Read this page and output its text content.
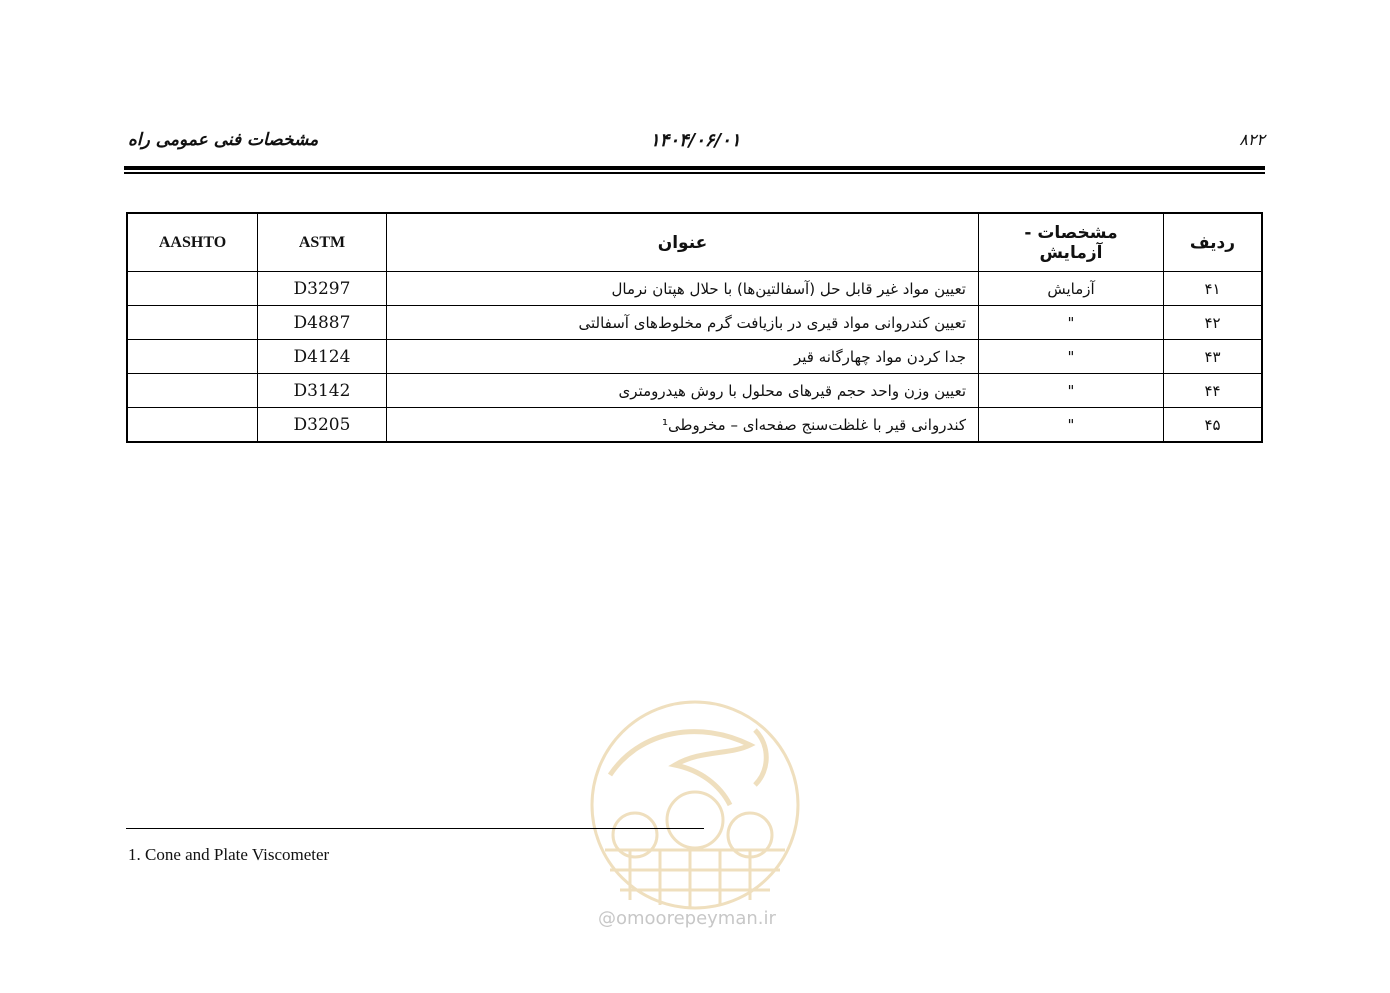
مشخصات فنی عمومی راه	۱۴۰۴/۰۶/۰۱	۸۲۲
AASHTO	ASTM	عنوان	مشخصات - آزمایش	ردیف
	D3297	تعیین مواد غیر قابل حل (آسفالتین‌ها) با حلال هپتان نرمال	آزمایش	۴۱
	D4887	تعیین کندروانی مواد قیری در بازیافت گرم مخلوط‌های آسفالتی	"	۴۲
	D4124	جدا کردن مواد چهارگانه قیر	"	۴۳
	D3142	تعیین وزن واحد حجم قیرهای محلول با روش هیدرومتری	"	۴۴
	D3205	کندروانی قیر با غلظت‌سنج صفحه‌ای – مخروطی¹	"	۴۵
@omoorepeyman.ir
1. Cone and Plate Viscometer
